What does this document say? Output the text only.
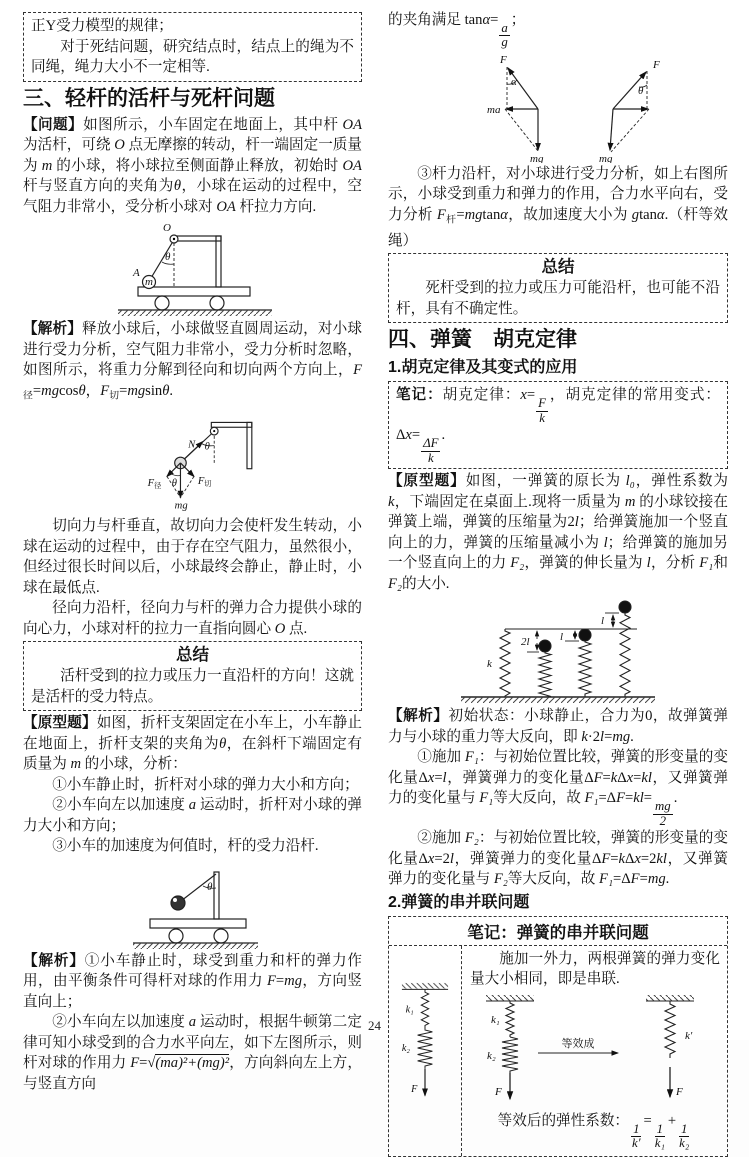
正Y受力模型的规律；

对于死结问题，研究结点时，结点上的绳为不同绳，绳力大小不一定相等.

三、轻杆的活杆与死杆问题

【问题】如图所示，小车固定在地面上，其中杆 OA 为活杆，可绕 O 点无摩擦的转动，杆一端固定一质量为 m 的小球，将小球拉至侧面静止释放，初始时 OA 杆与竖直方向的夹角为θ，小球在运动的过程中，空气阻力非常小，受分析小球对 OA 杆拉力方向.

O
A
m
θ

【解析】释放小球后，小球做竖直圆周运动，对小球进行受力分析，空气阻力非常小，受力分析时忽略，如图所示，将重力分解到径向和切向两个方向上，$F_径=mgcos\theta$，$F_切=mgsin\theta$.

N θ
F径	F切
θ
mg

切向力与杆垂直，故切向力会使杆发生转动，小球在运动的过程中，由于存在空气阻力，虽然很小，但经过很长时间以后，小球最终会静止，静止时，小球在最低点.

径向力沿杆，径向力与杆的弹力合力提供小球的向心力，小球对杆的拉力一直指向圆心 O 点.

总结

活杆受到的拉力或压力一直沿杆的方向！这就是活杆的受力特点。

【原型题】如图，折杆支架固定在小车上，小车静止在地面上，折杆支架的夹角为θ，在斜杆下端固定有质量为 m 的小球，分析：

①小车静止时，折杆对小球的弹力大小和方向；

②小车向左以加速度 a 运动时，折杆对小球的弹力大小和方向；

③小车的加速度为何值时，杆的受力沿杆.

θ

【解析】①小车静止时，球受到重力和杆的弹力作用，由平衡条件可得杆对球的作用力 F=mg，方向竖直向上；

②小车向左以加速度 a 运动时，根据牛顿第二定律可知小球受到的合力水平向左，如下左图所示，则杆对球的作用力 F=√(ma)²+(mg)²，方向斜向左上方，与竖直方向

的夹角满足 tanα=
$\frac{a}{g}$
；

F
α
ma
mg
F
θ
mg

③杆力沿杆，对小球进行受力分析，如上右图所示，小球受到重力和弹力的作用，合力水平向右，受力分析 $F_杆=mgtan\alpha$，故加速度大小为 gtanα.（杆等效绳）

总结

死杆受到的拉力或压力可能沿杆，也可能不沿杆，具有不确定性。

四、弹簧　胡克定律
1.胡克定律及其变式的应用

笔记：胡克定律：x=
$\frac{F}{k}$
，胡克定律的常用变式：Δx=
$\frac{\Delta F}{k}$
.

【原型题】如图，一弹簧的原长为 l₀，弹性系数为 k，下端固定在桌面上.现将一质量为 m 的小球铰接在弹簧上端，弹簧的压缩量为2l；给弹簧施加一个竖直向上的力，弹簧的压缩量减小为 l；给弹簧的施加另一个竖直向上的力 F₂，弹簧的伸长量为 l，分析 F₁和 F₂的大小.

k
2l	l
l

【解析】初始状态：小球静止，合力为0，故弹簧弹力与小球的重力等大反向，即 k·2l=mg.

①施加 F₁：与初始位置比较，弹簧的形变量的变化量Δx=l，弹簧弹力的变化量ΔF=kΔx=kl，又弹簧弹力的变化量与 F₁等大反向，故 F₁=ΔF=kl=
$\frac{mg}{2}$
.

②施加 F₂：与初始位置比较，弹簧的形变量的变化量Δx=2l，弹簧弹力的变化量ΔF=kΔx=2kl，又弹簧弹力的变化量与 F₂等大反向，故 F₁=ΔF=mg.

2.弹簧的串并联问题
笔记：弹簧的串并联问题
k₁
k₂
F

施加一外力，两根弹簧的弹力变化量大小相同，即是串联.

k₁
k₂
F
等效成
k′
F

等效后的弹性系数：
$\frac{1}{k'}$
=
$\frac{1}{\text{k₁}}$
+
$\frac{1}{\text{k₂}}$

24
